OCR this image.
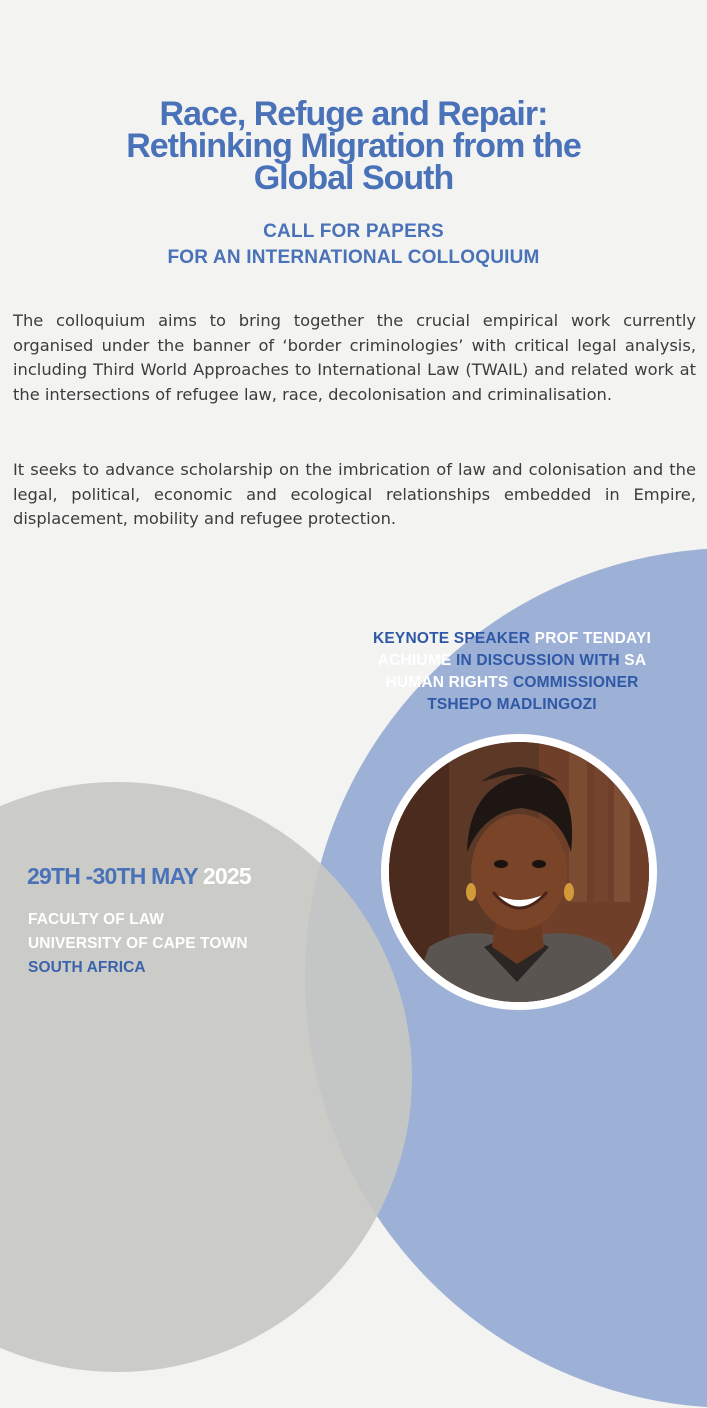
Race, Refuge and Repair:
Rethinking Migration from the
Global South
CALL FOR PAPERS
FOR AN INTERNATIONAL COLLOQUIUM

The colloquium aims to bring together the crucial empirical work currently organised under the banner of ‘border criminologies’ with critical legal analysis, including Third World Approaches to International Law (TWAIL) and related work at the intersections of refugee law, race, decolonisation and criminalisation.

It seeks to advance scholarship on the imbrication of law and colonisation and the legal, political, economic and ecological relationships embedded in Empire, displacement, mobility and refugee protection.

KEYNOTE SPEAKER PROF TENDAYI ACHIUME IN DISCUSSION WITH SA HUMAN RIGHTS COMMISSIONER TSHEPO MADLINGOZI

29TH -30TH MAY 2025

FACULTY OF LAW
UNIVERSITY OF CAPE TOWN
SOUTH AFRICA
